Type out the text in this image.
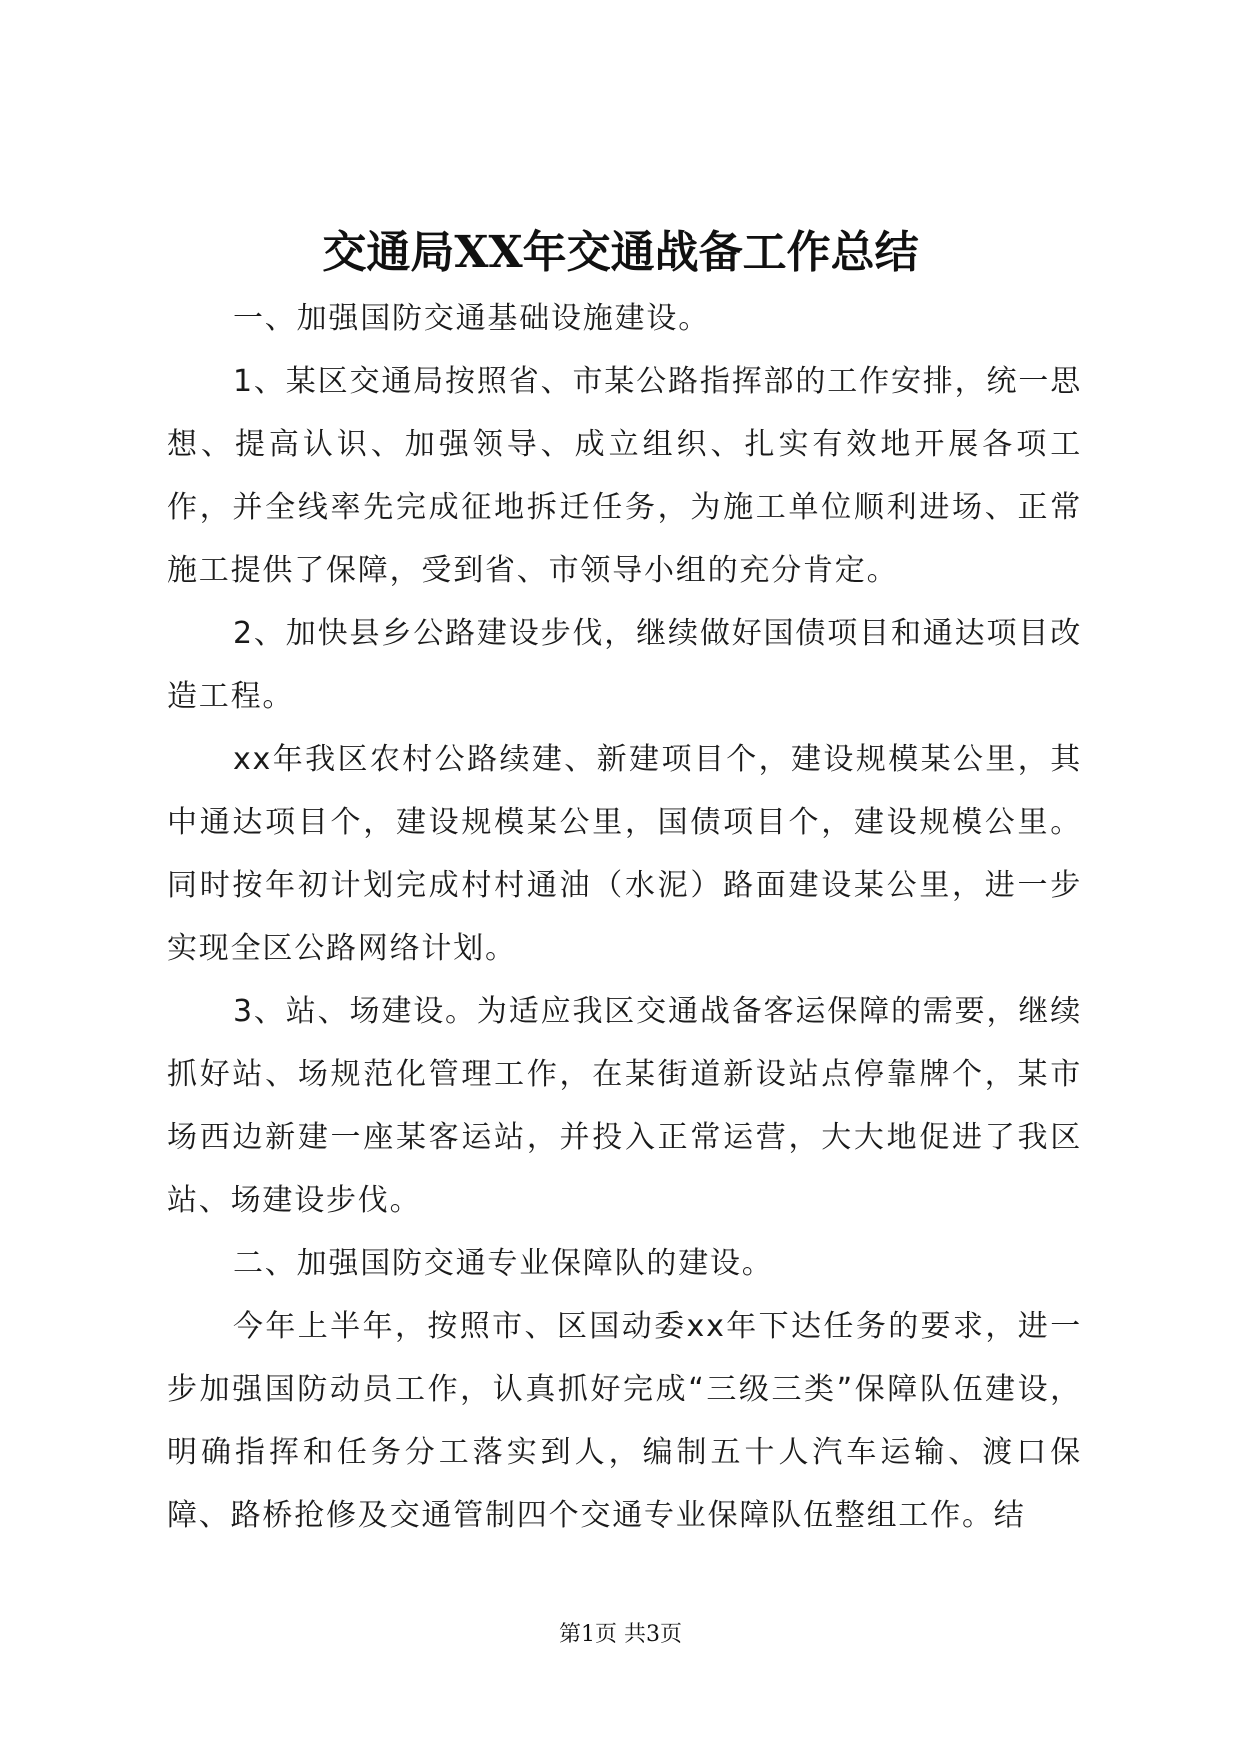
交通局XX年交通战备工作总结

一、加强国防交通基础设施建设。

1、某区交通局按照省、市某公路指挥部的工作安排，统一思想、提高认识、加强领导、成立组织、扎实有效地开展各项工作，并全线率先完成征地拆迁任务，为施工单位顺利进场、正常施工提供了保障，受到省、市领导小组的充分肯定。

2、加快县乡公路建设步伐，继续做好国债项目和通达项目改造工程。

xx年我区农村公路续建、新建项目个，建设规模某公里，其中通达项目个，建设规模某公里，国债项目个，建设规模公里。同时按年初计划完成村村通油（水泥）路面建设某公里，进一步实现全区公路网络计划。

3、站、场建设。为适应我区交通战备客运保障的需要，继续抓好站、场规范化管理工作，在某街道新设站点停靠牌个，某市场西边新建一座某客运站，并投入正常运营，大大地促进了我区站、场建设步伐。

二、加强国防交通专业保障队的建设。

今年上半年，按照市、区国动委xx年下达任务的要求，进一步加强国防动员工作，认真抓好完成“三级三类”保障队伍建设，明确指挥和任务分工落实到人，编制五十人汽车运输、渡口保障、路桥抢修及交通管制四个交通专业保障队伍整组工作。结

第1页 共3页
